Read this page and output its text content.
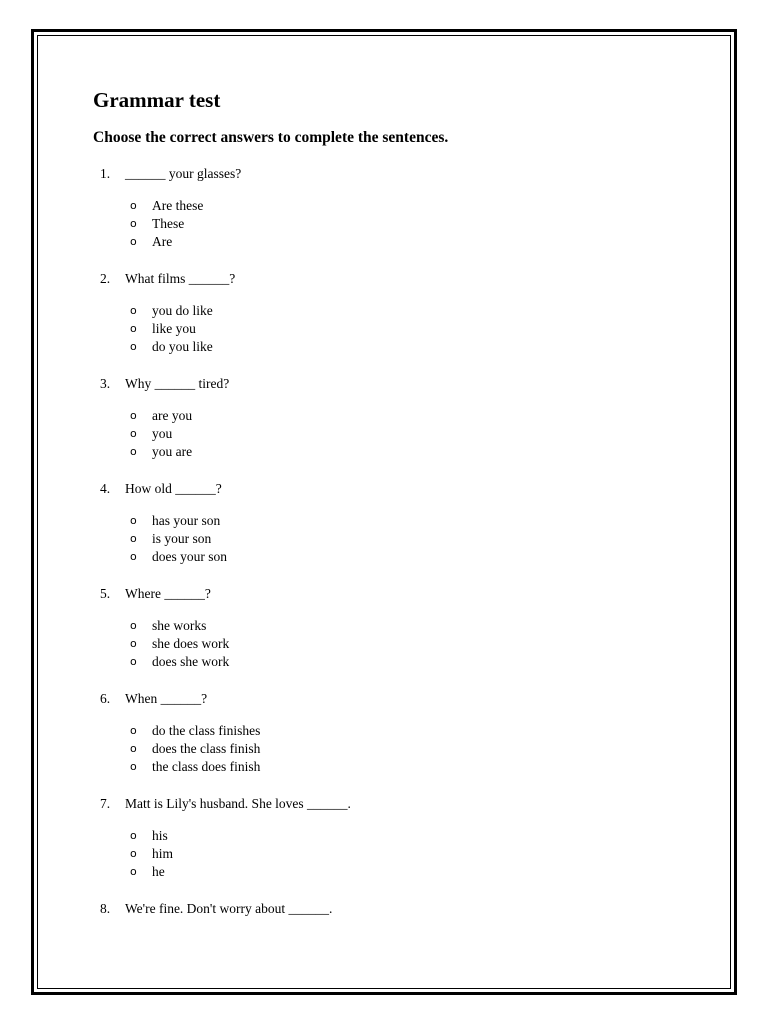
Grammar test

Choose the correct answers to complete the sentences.

1.	______ your glasses?
o Are these
o These
o Are
2.	What films ______?
o you do like
o like you
o do you like
3.	Why ______ tired?
o are you
o you
o you are
4.	How old ______?
o has your son
o is your son
o does your son
5.	Where ______?
o she works
o she does work
o does she work
6.	When ______?
o do the class finishes
o does the class finish
o the class does finish
7.	Matt is Lily's husband. She loves ______.
o his
o him
o he
8.	We're fine. Don't worry about ______.
